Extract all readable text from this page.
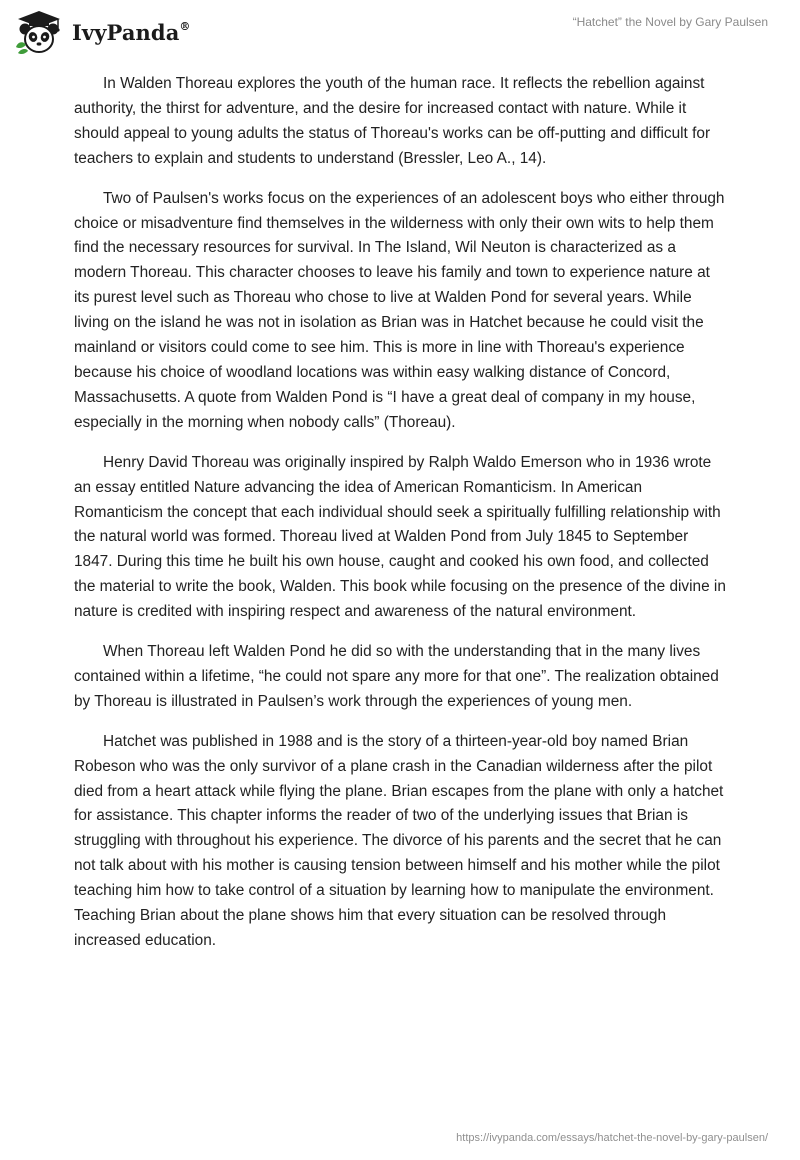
IvyPanda®	“Hatchet” the Novel by Gary Paulsen

In Walden Thoreau explores the youth of the human race. It reflects the rebellion against authority, the thirst for adventure, and the desire for increased contact with nature. While it should appeal to young adults the status of Thoreau's works can be off-putting and difficult for teachers to explain and students to understand (Bressler, Leo A., 14).

Two of Paulsen's works focus on the experiences of an adolescent boys who either through choice or misadventure find themselves in the wilderness with only their own wits to help them find the necessary resources for survival. In The Island, Wil Neuton is characterized as a modern Thoreau. This character chooses to leave his family and town to experience nature at its purest level such as Thoreau who chose to live at Walden Pond for several years. While living on the island he was not in isolation as Brian was in Hatchet because he could visit the mainland or visitors could come to see him. This is more in line with Thoreau's experience because his choice of woodland locations was within easy walking distance of Concord, Massachusetts. A quote from Walden Pond is “I have a great deal of company in my house, especially in the morning when nobody calls” (Thoreau).

Henry David Thoreau was originally inspired by Ralph Waldo Emerson who in 1936 wrote an essay entitled Nature advancing the idea of American Romanticism. In American Romanticism the concept that each individual should seek a spiritually fulfilling relationship with the natural world was formed. Thoreau lived at Walden Pond from July 1845 to September 1847. During this time he built his own house, caught and cooked his own food, and collected the material to write the book, Walden. This book while focusing on the presence of the divine in nature is credited with inspiring respect and awareness of the natural environment.

When Thoreau left Walden Pond he did so with the understanding that in the many lives contained within a lifetime, “he could not spare any more for that one”. The realization obtained by Thoreau is illustrated in Paulsen’s work through the experiences of young men.

Hatchet was published in 1988 and is the story of a thirteen-year-old boy named Brian Robeson who was the only survivor of a plane crash in the Canadian wilderness after the pilot died from a heart attack while flying the plane. Brian escapes from the plane with only a hatchet for assistance. This chapter informs the reader of two of the underlying issues that Brian is struggling with throughout his experience. The divorce of his parents and the secret that he can not talk about with his mother is causing tension between himself and his mother while the pilot teaching him how to take control of a situation by learning how to manipulate the environment. Teaching Brian about the plane shows him that every situation can be resolved through increased education.

https://ivypanda.com/essays/hatchet-the-novel-by-gary-paulsen/
